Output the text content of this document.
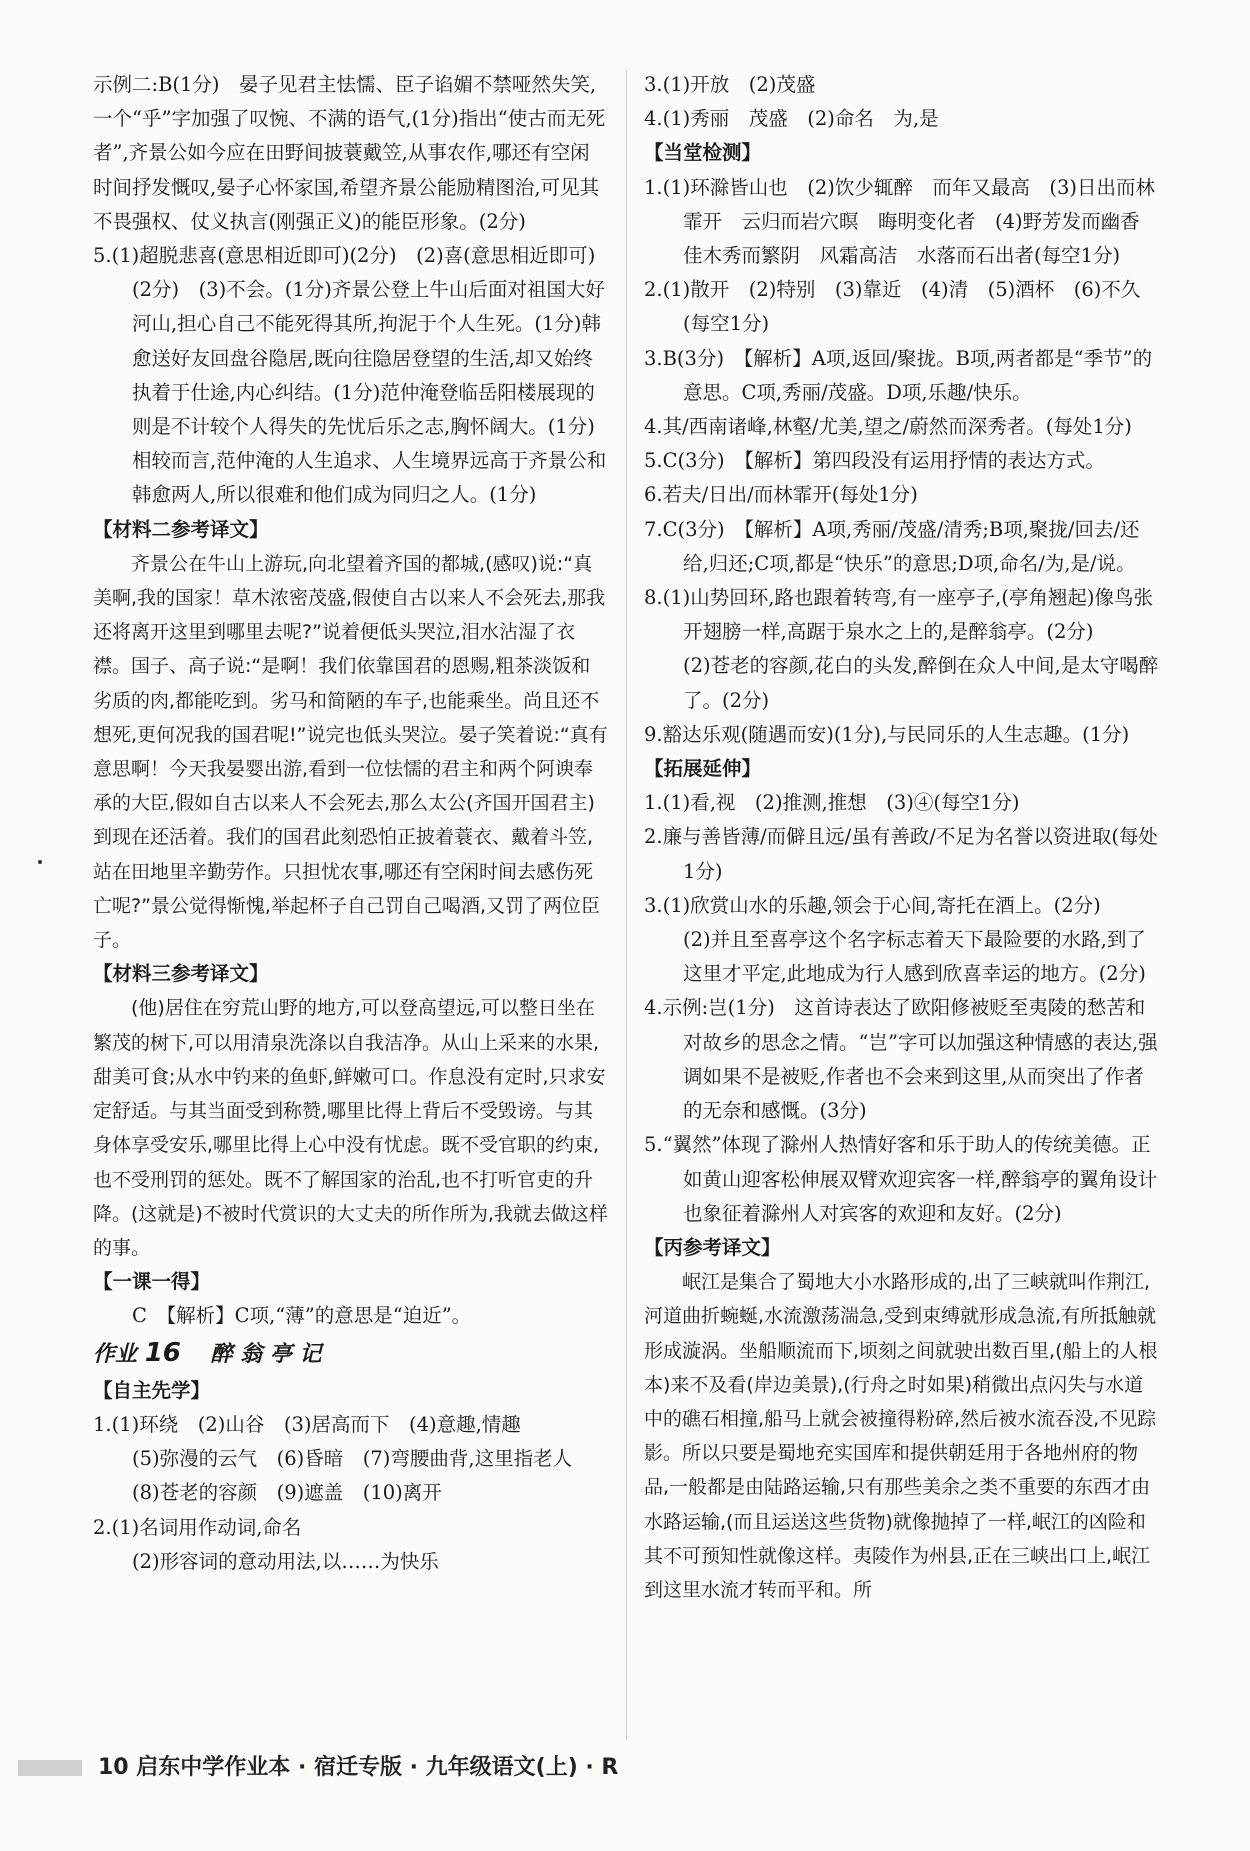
示例二:B(1分)　晏子见君主怯懦、臣子谄媚不禁哑然失笑,一个“乎”字加强了叹惋、不满的语气,(1分)指出“使古而无死者”,齐景公如今应在田野间披蓑戴笠,从事农作,哪还有空闲时间抒发慨叹,晏子心怀家国,希望齐景公能励精图治,可见其不畏强权、仗义执言(刚强正义)的能臣形象。(2分)

5.(1)超脱悲喜(意思相近即可)(2分)　(2)喜(意思相近即可)(2分)　(3)不会。(1分)齐景公登上牛山后面对祖国大好河山,担心自己不能死得其所,拘泥于个人生死。(1分)韩愈送好友回盘谷隐居,既向往隐居登望的生活,却又始终执着于仕途,内心纠结。(1分)范仲淹登临岳阳楼展现的则是不计较个人得失的先忧后乐之志,胸怀阔大。(1分)相较而言,范仲淹的人生追求、人生境界远高于齐景公和韩愈两人,所以很难和他们成为同归之人。(1分)

【材料二参考译文】

齐景公在牛山上游玩,向北望着齐国的都城,(感叹)说:“真美啊,我的国家！草木浓密茂盛,假使自古以来人不会死去,那我还将离开这里到哪里去呢?”说着便低头哭泣,泪水沾湿了衣襟。国子、高子说:“是啊！我们依靠国君的恩赐,粗茶淡饭和劣质的肉,都能吃到。劣马和简陋的车子,也能乘坐。尚且还不想死,更何况我的国君呢!”说完也低头哭泣。晏子笑着说:“真有意思啊！今天我晏婴出游,看到一位怯懦的君主和两个阿谀奉承的大臣,假如自古以来人不会死去,那么太公(齐国开国君主)到现在还活着。我们的国君此刻恐怕正披着蓑衣、戴着斗笠,站在田地里辛勤劳作。只担忧农事,哪还有空闲时间去感伤死亡呢?”景公觉得惭愧,举起杯子自己罚自己喝酒,又罚了两位臣子。

【材料三参考译文】

(他)居住在穷荒山野的地方,可以登高望远,可以整日坐在繁茂的树下,可以用清泉洗涤以自我洁净。从山上采来的水果,甜美可食;从水中钓来的鱼虾,鲜嫩可口。作息没有定时,只求安定舒适。与其当面受到称赞,哪里比得上背后不受毁谤。与其身体享受安乐,哪里比得上心中没有忧虑。既不受官职的约束,也不受刑罚的惩处。既不了解国家的治乱,也不打听官吏的升降。(这就是)不被时代赏识的大丈夫的所作所为,我就去做这样的事。

【一课一得】

C　【解析】C项,“薄”的意思是“迫近”。

作业 16 　醉 翁 亭 记

【自主先学】

1.(1)环绕　(2)山谷　(3)居高而下　(4)意趣,情趣

(5)弥漫的云气　(6)昏暗　(7)弯腰曲背,这里指老人

(8)苍老的容颜　(9)遮盖　(10)离开

2.(1)名词用作动词,命名

(2)形容词的意动用法,以……为快乐

3.(1)开放　(2)茂盛

4.(1)秀丽　茂盛　(2)命名　为,是

【当堂检测】

1.(1)环滁皆山也　(2)饮少辄醉　而年又最高　(3)日出而林霏开　云归而岩穴暝　晦明变化者　(4)野芳发而幽香佳木秀而繁阴　风霜高洁　水落而石出者(每空1分)

2.(1)散开　(2)特别　(3)靠近　(4)清　(5)酒杯　(6)不久(每空1分)

3.B(3分)　【解析】A项,返回/聚拢。B项,两者都是“季节”的意思。C项,秀丽/茂盛。D项,乐趣/快乐。

4.其/西南诸峰,林壑/尤美,望之/蔚然而深秀者。(每处1分)

5.C(3分)　【解析】第四段没有运用抒情的表达方式。

6.若夫/日出/而林霏开(每处1分)

7.C(3分)　【解析】A项,秀丽/茂盛/清秀;B项,聚拢/回去/还给,归还;C项,都是“快乐”的意思;D项,命名/为,是/说。

8.(1)山势回环,路也跟着转弯,有一座亭子,(亭角翘起)像鸟张开翅膀一样,高踞于泉水之上的,是醉翁亭。(2分)

(2)苍老的容颜,花白的头发,醉倒在众人中间,是太守喝醉了。(2分)

9.豁达乐观(随遇而安)(1分),与民同乐的人生志趣。(1分)

【拓展延伸】

1.(1)看,视　(2)推测,推想　(3)④(每空1分)

2.廉与善皆薄/而僻且远/虽有善政/不足为名誉以资进取(每处1分)

3.(1)欣赏山水的乐趣,领会于心间,寄托在酒上。(2分)

(2)并且至喜亭这个名字标志着天下最险要的水路,到了这里才平定,此地成为行人感到欣喜幸运的地方。(2分)

4.示例:岂(1分)　这首诗表达了欧阳修被贬至夷陵的愁苦和对故乡的思念之情。“岂”字可以加强这种情感的表达,强调如果不是被贬,作者也不会来到这里,从而突出了作者的无奈和感慨。(3分)

5.“翼然”体现了滁州人热情好客和乐于助人的传统美德。正如黄山迎客松伸展双臂欢迎宾客一样,醉翁亭的翼角设计也象征着滁州人对宾客的欢迎和友好。(2分)

【丙参考译文】

岷江是集合了蜀地大小水路形成的,出了三峡就叫作荆江,河道曲折蜿蜒,水流激荡湍急,受到束缚就形成急流,有所抵触就形成漩涡。坐船顺流而下,顷刻之间就驶出数百里,(船上的人根本)来不及看(岸边美景),(行舟之时如果)稍微出点闪失与水道中的礁石相撞,船马上就会被撞得粉碎,然后被水流吞没,不见踪影。所以只要是蜀地充实国库和提供朝廷用于各地州府的物品,一般都是由陆路运输,只有那些美余之类不重要的东西才由水路运输,(而且运送这些货物)就像抛掉了一样,岷江的凶险和其不可预知性就像这样。夷陵作为州县,正在三峡出口上,岷江到这里水流才转而平和。所

10 启东中学作业本 · 宿迁专版 · 九年级语文(上) · R
